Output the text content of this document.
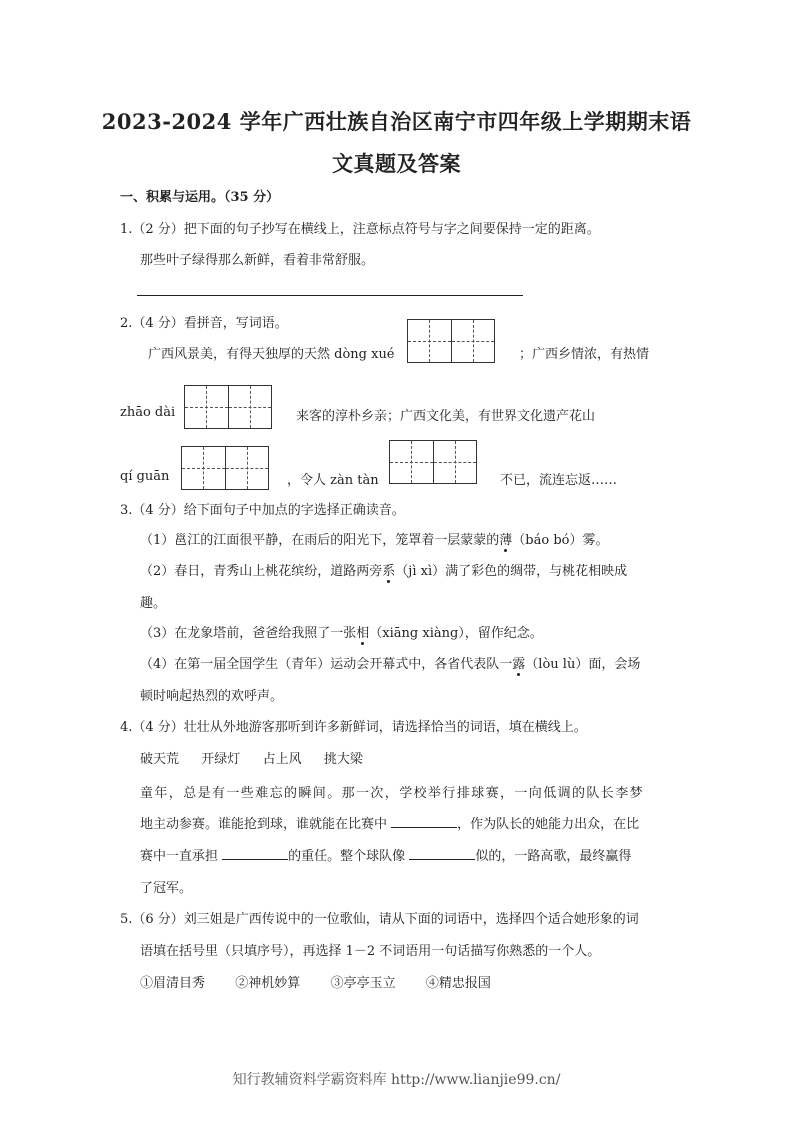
2023-2024 学年广西壮族自治区南宁市四年级上学期期末语
文真题及答案
一、积累与运用。（35 分）
1.（2 分）把下面的句子抄写在横线上，注意标点符号与字之间要保持一定的距离。
那些叶子绿得那么新鲜，看着非常舒服。
2.（4 分）看拼音，写词语。
广西风景美，有得天独厚的天然 dòng xué	；广西乡情浓，有热情
zhāo dài	来客的淳朴乡亲；广西文化美，有世界文化遗产花山
qí guān	，令人 zàn tàn	不已，流连忘返……
3.（4 分）给下面句子中加点的字选择正确读音。
（1）邕江的江面很平静，在雨后的阳光下，笼罩着一层蒙蒙的薄（báo bó）雾。
（2）春日，青秀山上桃花缤纷，道路两旁系（jì xì）满了彩色的绸带，与桃花相映成
趣。
（3）在龙象塔前，爸爸给我照了一张相（xiāng xiàng），留作纪念。
（4）在第一届全国学生（青年）运动会开幕式中，各省代表队一露（lòu lù）面，会场
顿时响起热烈的欢呼声。
4.（4 分）壮壮从外地游客那听到许多新鲜词，请选择恰当的词语，填在横线上。
破天荒 开绿灯 占上风 挑大梁
童年，总是有一些难忘的瞬间。那一次，学校举行排球赛，一向低调的队长李梦
地主动参赛。谁能抢到球，谁就能在比赛中	，作为队长的她能力出众，在比
赛中一直承担	的重任。整个球队像	似的，一路高歌，最终赢得
了冠军。
5.（6 分）刘三姐是广西传说中的一位歌仙，请从下面的词语中，选择四个适合她形象的词
语填在括号里（只填序号），再选择 1－2 不词语用一句话描写你熟悉的一个人。
①眉清目秀 ②神机妙算 ③亭亭玉立 ④精忠报国
知行教辅资料学霸资料库 http://www.lianjie99.cn/
